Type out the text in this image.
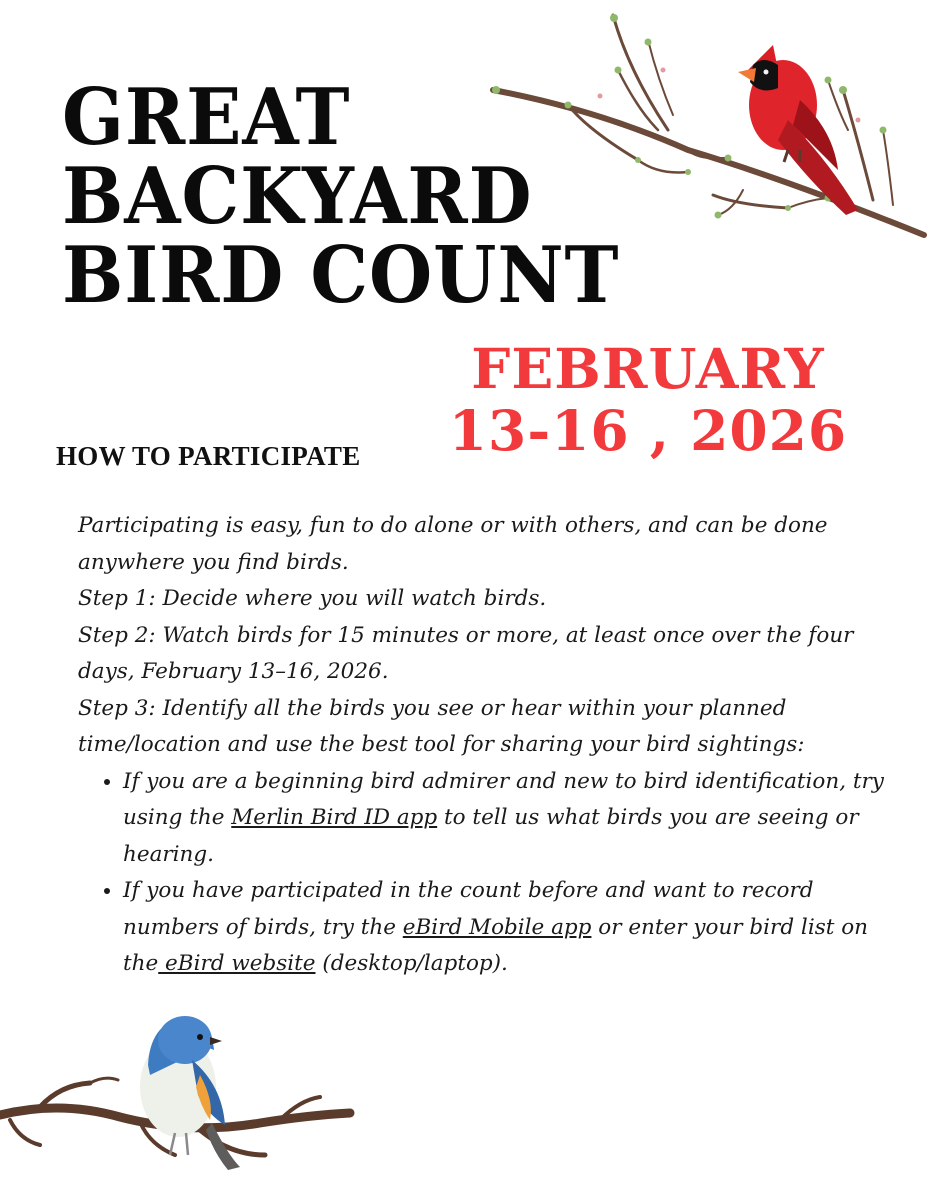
GREAT
BACKYARD
BIRD COUNT
FEBRUARY
13-16 , 2026
HOW TO PARTICIPATE

Participating is easy, fun to do alone or with others, and can be done anywhere you find birds.

Step 1: Decide where you will watch birds.

Step 2: Watch birds for 15 minutes or more, at least once over the four days, February 13–16, 2026.

Step 3: Identify all the birds you see or hear within your planned time/location and use the best tool for sharing your bird sightings:

• If you are a beginning bird admirer and new to bird identification, try using the Merlin Bird ID app to tell us what birds you are seeing or hearing.
• If you have participated in the count before and want to record numbers of birds, try the eBird Mobile app or enter your bird list on the eBird website (desktop/laptop).
